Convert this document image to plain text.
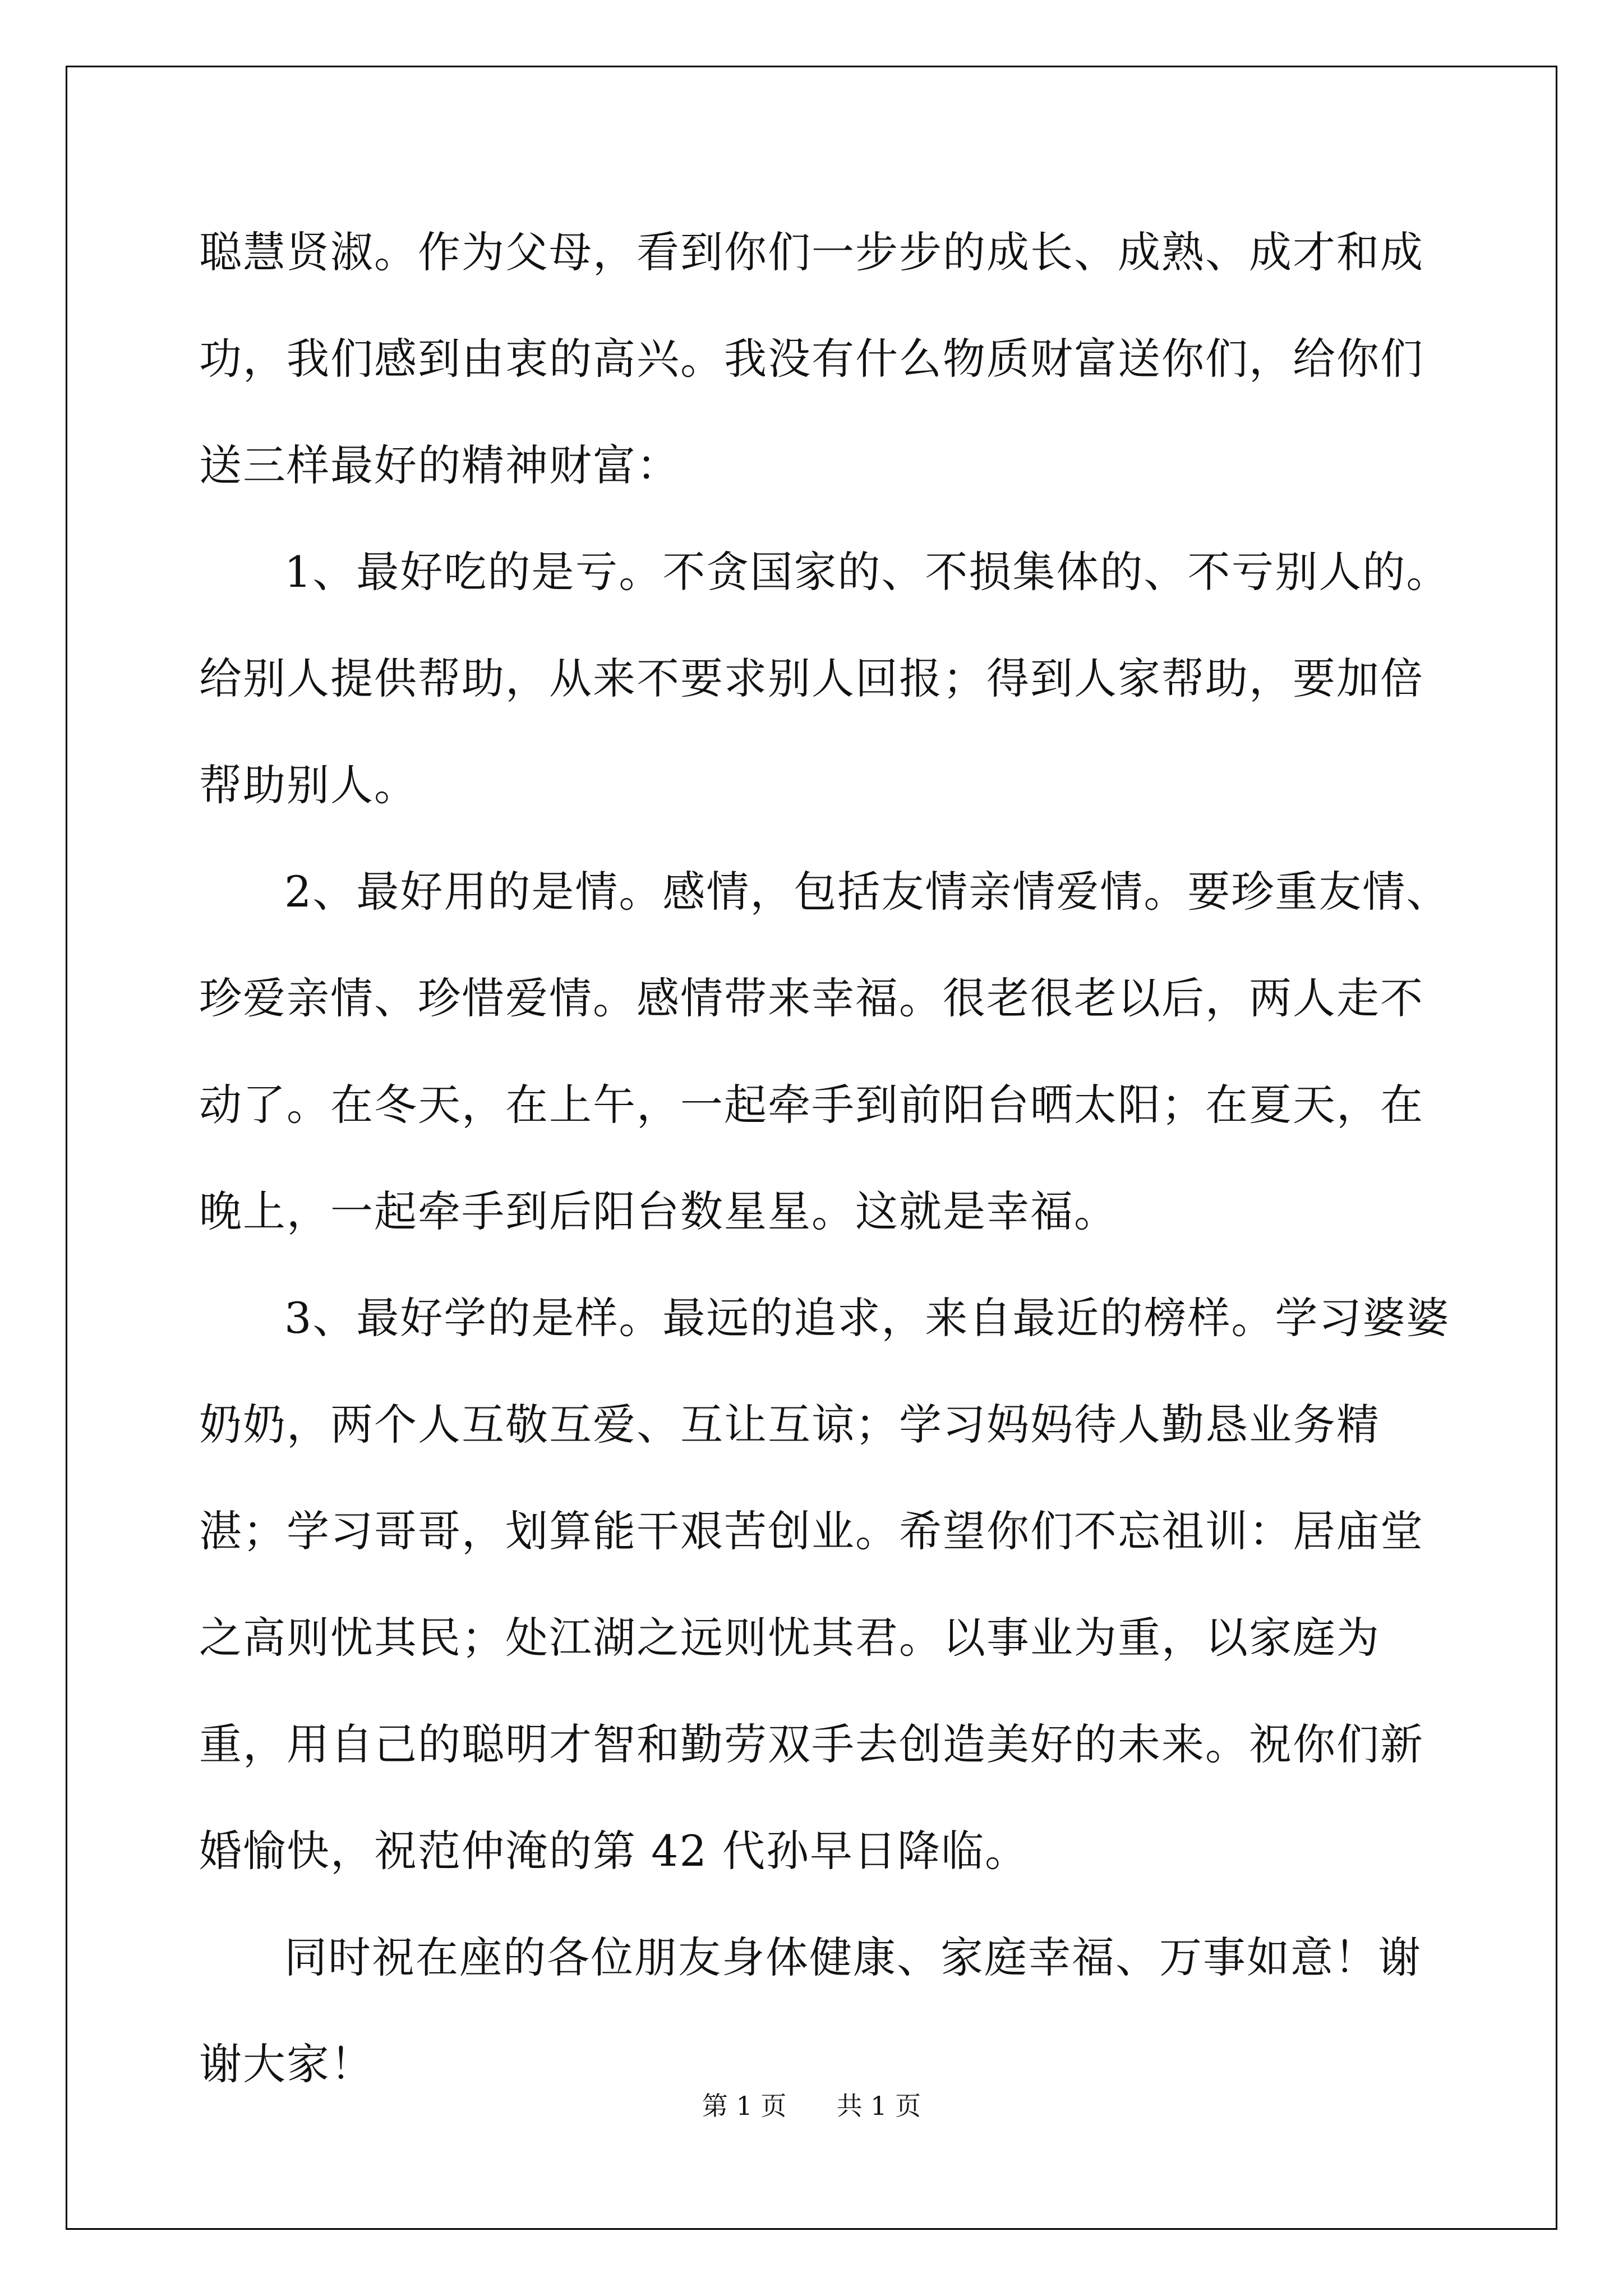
聪慧贤淑。作为父母，看到你们一步步的成长、成熟、成才和成功，我们感到由衷的高兴。我没有什么物质财富送你们，给你们送三样最好的精神财富：

1、最好吃的是亏。不贪国家的、不损集体的、不亏别人的。给别人提供帮助，从来不要求别人回报；得到人家帮助，要加倍帮助别人。

2、最好用的是情。感情，包括友情亲情爱情。要珍重友情、珍爱亲情、珍惜爱情。感情带来幸福。很老很老以后，两人走不动了。在冬天，在上午，一起牵手到前阳台晒太阳；在夏天，在晚上，一起牵手到后阳台数星星。这就是幸福。

3、最好学的是样。最远的追求，来自最近的榜样。学习婆婆奶奶，两个人互敬互爱、互让互谅；学习妈妈待人勤恳业务精湛；学习哥哥，划算能干艰苦创业。希望你们不忘祖训：居庙堂之高则忧其民；处江湖之远则忧其君。以事业为重，以家庭为重，用自己的聪明才智和勤劳双手去创造美好的未来。祝你们新婚愉快，祝范仲淹的第 42 代孙早日降临。

同时祝在座的各位朋友身体健康、家庭幸福、万事如意！谢谢大家！

第 1 页 共 1 页
